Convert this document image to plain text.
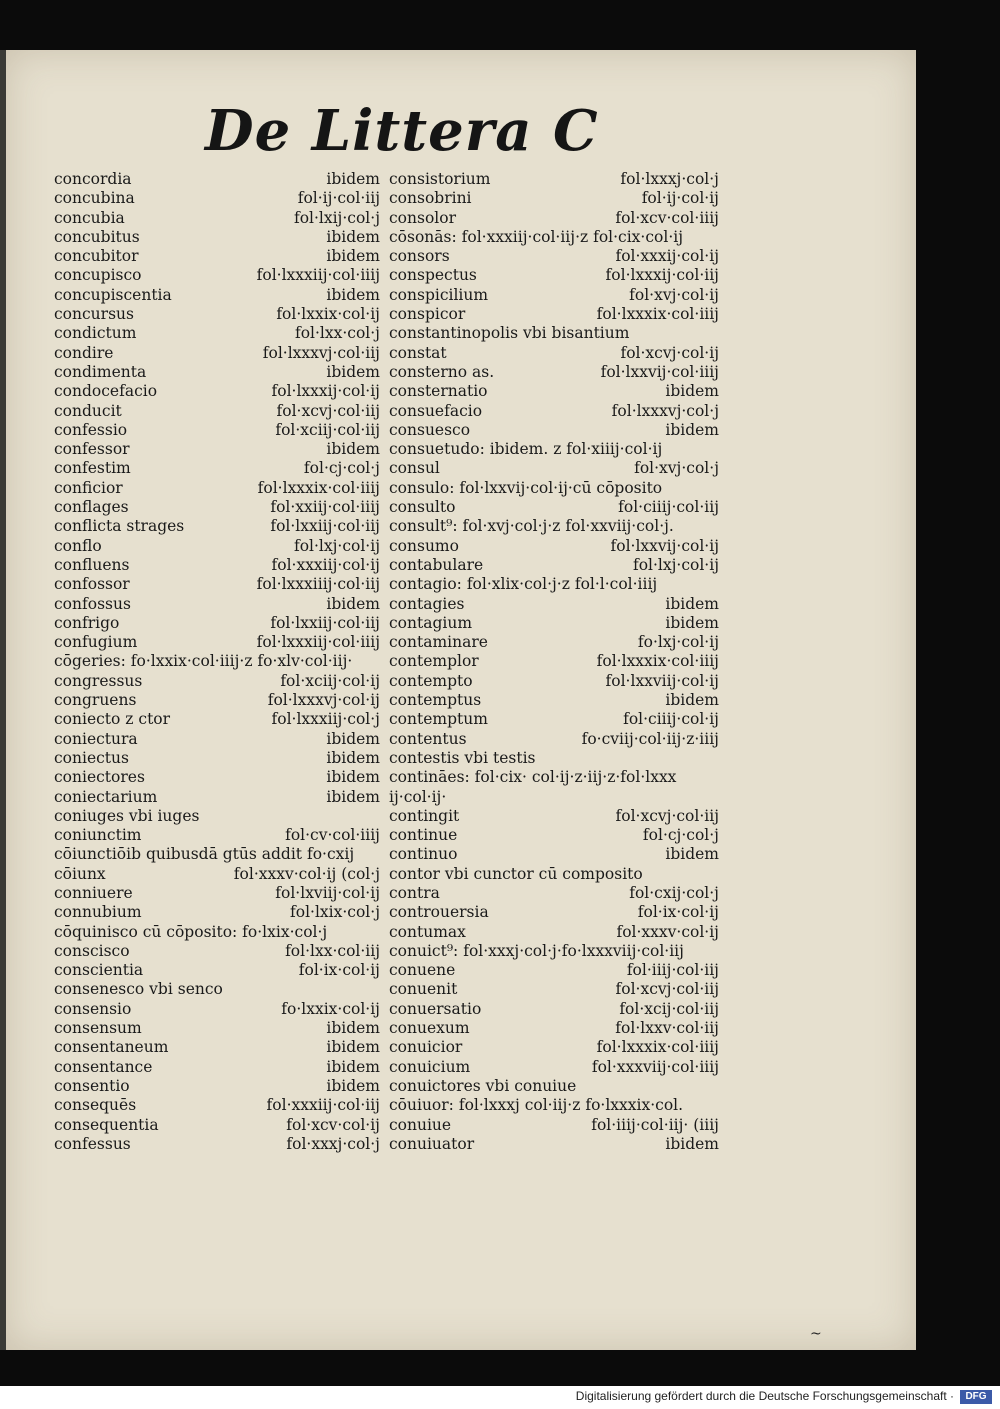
De Littera C
concordia	ibidem
concubina	fol·ij·col·iij
concubia	fol·lxij·col·j
concubitus	ibidem
concubitor	ibidem
concupisco	fol·lxxxiij·col·iiij
concupiscentia	ibidem
concursus	fol·lxxix·col·ij
condictum	fol·lxx·col·j
condire	fol·lxxxvj·col·iij
condimenta	ibidem
condocefacio	fol·lxxxij·col·ij
conducit	fol·xcvj·col·iij
confessio	fol·xciij·col·iij
confessor	ibidem
confestim	fol·cj·col·j
conficior	fol·lxxxix·col·iiij
conflages	fol·xxiij·col·iiij
conflicta strages	fol·lxxiij·col·iij
conflo	fol·lxj·col·ij
confluens	fol·xxxiij·col·ij
confossor	fol·lxxxiiij·col·iij
confossus	ibidem
confrigo	fol·lxxiij·col·iij
confugium	fol·lxxxiij·col·iiij
cōgeries: fo·lxxix·col·iiij·z fo·xlv·col·iij·
congressus	fol·xciij·col·ij
congruens	fol·lxxxvj·col·ij
coniecto z ctor	fol·lxxxiij·col·j
coniectura	ibidem
coniectus	ibidem
coniectores	ibidem
coniectarium	ibidem
coniuges vbi iuges
coniunctim	fol·cv·col·iiij
cōiunctiōib quibusdā gtūs addit fo·cxij
cōiunx	fol·xxxv·col·ij (col·j
conniuere	fol·lxviij·col·ij
connubium	fol·lxix·col·j
cōquinisco cū cōposito: fo·lxix·col·j
conscisco	fol·lxx·col·iij
conscientia	fol·ix·col·ij
consenesco vbi senco
consensio	fo·lxxix·col·ij
consensum	ibidem
consentaneum	ibidem
consentance	ibidem
consentio	ibidem
consequēs	fol·xxxiij·col·iij
consequentia	fol·xcv·col·ij
confessus	fol·xxxj·col·j
consistorium	fol·lxxxj·col·j
consobrini	fol·ij·col·ij
consolor	fol·xcv·col·iiij
cōsonās: fol·xxxiij·col·iij·z fol·cix·col·ij
consors	fol·xxxij·col·ij
conspectus	fol·lxxxij·col·iij
conspicilium	fol·xvj·col·ij
conspicor	fol·lxxxix·col·iiij
constantinopolis vbi bisantium
constat	fol·xcvj·col·ij
consterno as.	fol·lxxvij·col·iiij
consternatio	ibidem
consuefacio	fol·lxxxvj·col·j
consuesco	ibidem
consuetudo: ibidem. z fol·xiiij·col·ij
consul	fol·xvj·col·j
consulo: fol·lxxvij·col·ij·cū cōposito
consulto	fol·ciiij·col·iij
consult⁹: fol·xvj·col·j·z fol·xxviij·col·j.
consumo	fol·lxxvij·col·ij
contabulare	fol·lxj·col·ij
contagio: fol·xlix·col·j·z fol·l·col·iiij
contagies	ibidem
contagium	ibidem
contaminare	fo·lxj·col·ij
contemplor	fol·lxxxix·col·iiij
contempto	fol·lxxviij·col·ij
contemptus	ibidem
contemptum	fol·ciiij·col·ij
contentus	fo·cviij·col·iij·z·iiij
contestis vbi testis
contināes: fol·cix· col·ij·z·iij·z·fol·lxxx
ij·col·ij·
contingit	fol·xcvj·col·iij
continue	fol·cj·col·j
continuo	ibidem
contor vbi cunctor cū composito
contra	fol·cxij·col·j
controuersia	fol·ix·col·ij
contumax	fol·xxxv·col·ij
conuict⁹: fol·xxxj·col·j·fo·lxxxviij·col·iij
conuene	fol·iiij·col·iij
conuenit	fol·xcvj·col·iij
conuersatio	fol·xcij·col·iij
conuexum	fol·lxxv·col·iij
conuicior	fol·lxxxix·col·iiij
conuicium	fol·xxxviij·col·iiij
conuictores vbi conuiue
cōuiuor: fol·lxxxj col·iij·z fo·lxxxix·col.
conuiue	fol·iiij·col·iij· (iiij
conuiuator	ibidem
~
Digitalisierung gefördert durch die Deutsche Forschungsgemeinschaft ·	DFG
